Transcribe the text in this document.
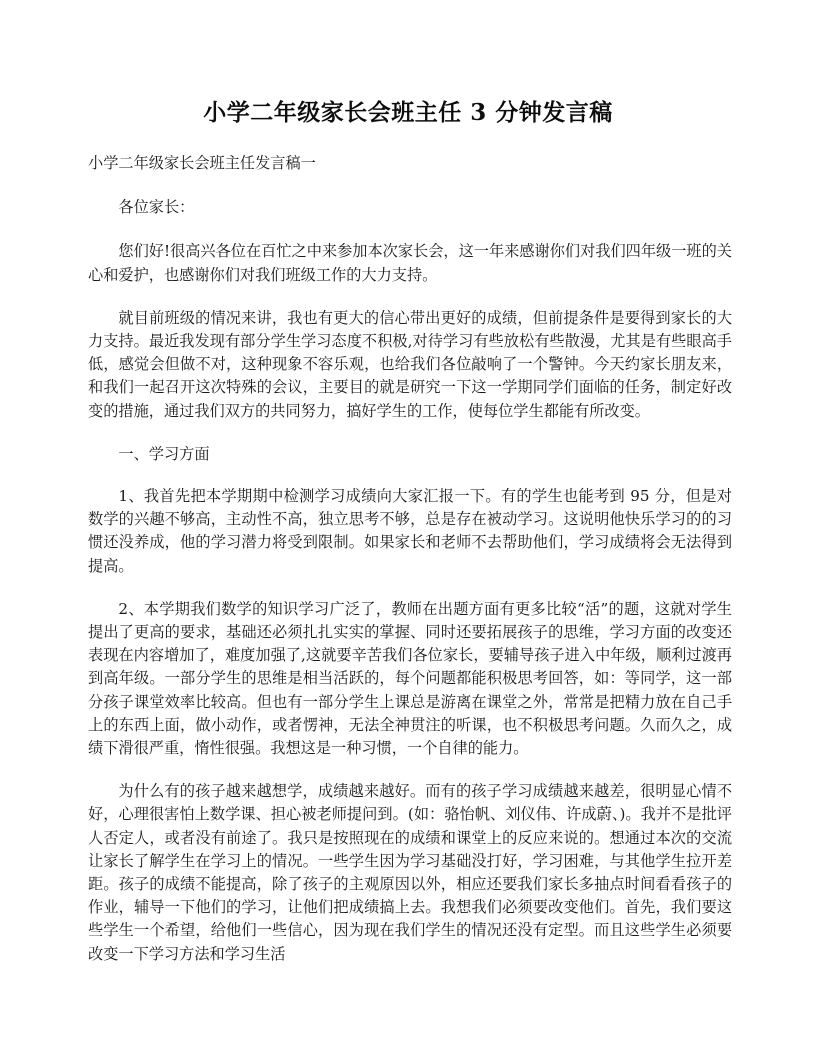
小学二年级家长会班主任 3 分钟发言稿

小学二年级家长会班主任发言稿一

各位家长：

您们好!很高兴各位在百忙之中来参加本次家长会，这一年来感谢你们对我们四年级一班的关心和爱护，也感谢你们对我们班级工作的大力支持。

就目前班级的情况来讲，我也有更大的信心带出更好的成绩，但前提条件是要得到家长的大力支持。最近我发现有部分学生学习态度不积极,对待学习有些放松有些散漫，尤其是有些眼高手低，感觉会但做不对，这种现象不容乐观，也给我们各位敲响了一个警钟。今天约家长朋友来，和我们一起召开这次特殊的会议，主要目的就是研究一下这一学期同学们面临的任务，制定好改变的措施，通过我们双方的共同努力，搞好学生的工作，使每位学生都能有所改变。

一、学习方面

1、我首先把本学期期中检测学习成绩向大家汇报一下。有的学生也能考到 95 分，但是对数学的兴趣不够高，主动性不高，独立思考不够，总是存在被动学习。这说明他快乐学习的的习惯还没养成，他的学习潜力将受到限制。如果家长和老师不去帮助他们，学习成绩将会无法得到提高。

2、本学期我们数学的知识学习广泛了，教师在出题方面有更多比较“活”的题，这就对学生提出了更高的要求，基础还必须扎扎实实的掌握、同时还要拓展孩子的思维，学习方面的改变还表现在内容增加了，难度加强了,这就要辛苦我们各位家长，要辅导孩子进入中年级，顺利过渡再到高年级。一部分学生的思维是相当活跃的，每个问题都能积极思考回答，如：等同学，这一部分孩子课堂效率比较高。但也有一部分学生上课总是游离在课堂之外，常常是把精力放在自己手上的东西上面，做小动作，或者愣神，无法全神贯注的听课，也不积极思考问题。久而久之，成绩下滑很严重，惰性很强。我想这是一种习惯，一个自律的能力。

为什么有的孩子越来越想学，成绩越来越好。而有的孩子学习成绩越来越差，很明显心情不好，心理很害怕上数学课、担心被老师提问到。(如：骆怡帆、刘仪伟、许成蔚、)。我并不是批评人否定人，或者没有前途了。我只是按照现在的成绩和课堂上的反应来说的。想通过本次的交流让家长了解学生在学习上的情况。一些学生因为学习基础没打好，学习困难，与其他学生拉开差距。孩子的成绩不能提高，除了孩子的主观原因以外，相应还要我们家长多抽点时间看看孩子的作业，辅导一下他们的学习，让他们把成绩搞上去。我想我们必须要改变他们。首先，我们要这些学生一个希望，给他们一些信心，因为现在我们学生的情况还没有定型。而且这些学生必须要改变一下学习方法和学习生活
